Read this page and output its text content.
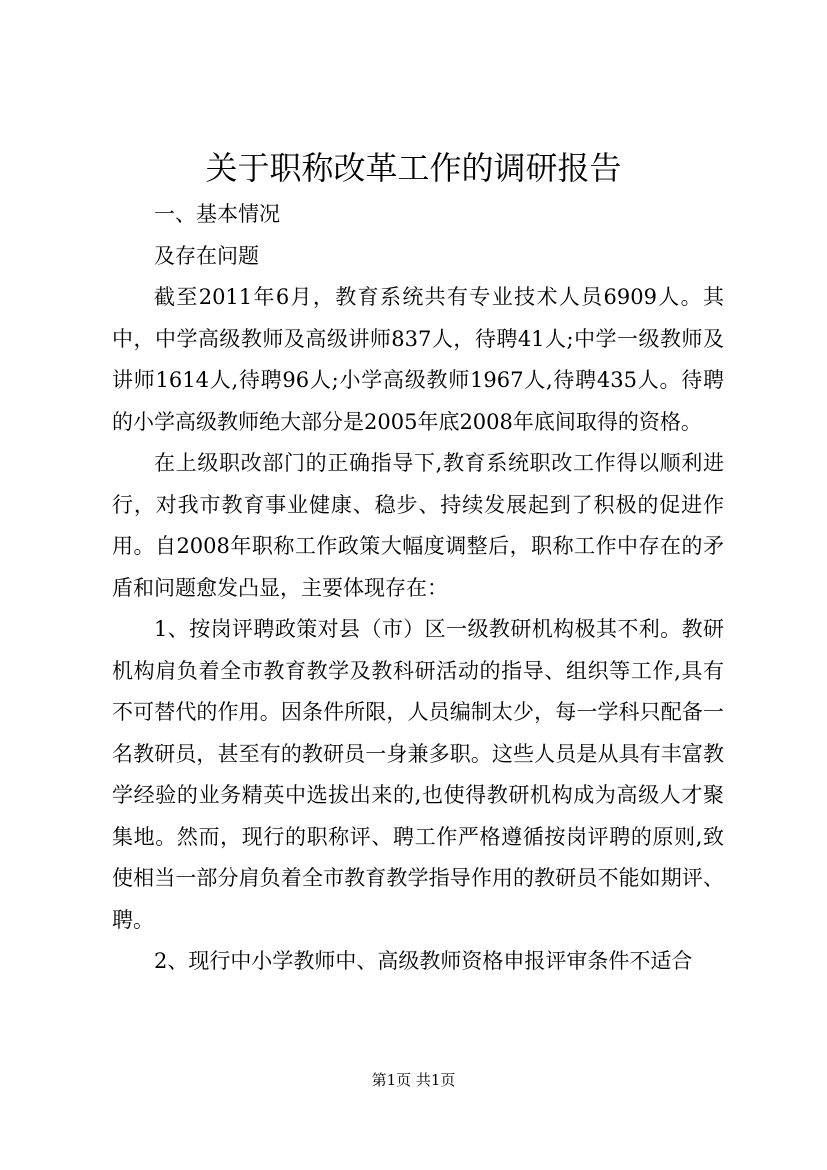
关于职称改革工作的调研报告

一、基本情况

及存在问题

截至2011年6月，教育系统共有专业技术人员6909人。其中，中学高级教师及高级讲师837人，待聘41人;中学一级教师及讲师1614人,待聘96人;小学高级教师1967人,待聘435人。待聘的小学高级教师绝大部分是2005年底2008年底间取得的资格。

在上级职改部门的正确指导下,教育系统职改工作得以顺利进行，对我市教育事业健康、稳步、持续发展起到了积极的促进作用。自2008年职称工作政策大幅度调整后，职称工作中存在的矛盾和问题愈发凸显，主要体现存在：

1、按岗评聘政策对县（市）区一级教研机构极其不利。教研机构肩负着全市教育教学及教科研活动的指导、组织等工作,具有不可替代的作用。因条件所限，人员编制太少，每一学科只配备一名教研员，甚至有的教研员一身兼多职。这些人员是从具有丰富教学经验的业务精英中选拔出来的,也使得教研机构成为高级人才聚集地。然而，现行的职称评、聘工作严格遵循按岗评聘的原则,致使相当一部分肩负着全市教育教学指导作用的教研员不能如期评、聘。

2、现行中小学教师中、高级教师资格申报评审条件不适合

第1页 共1页
